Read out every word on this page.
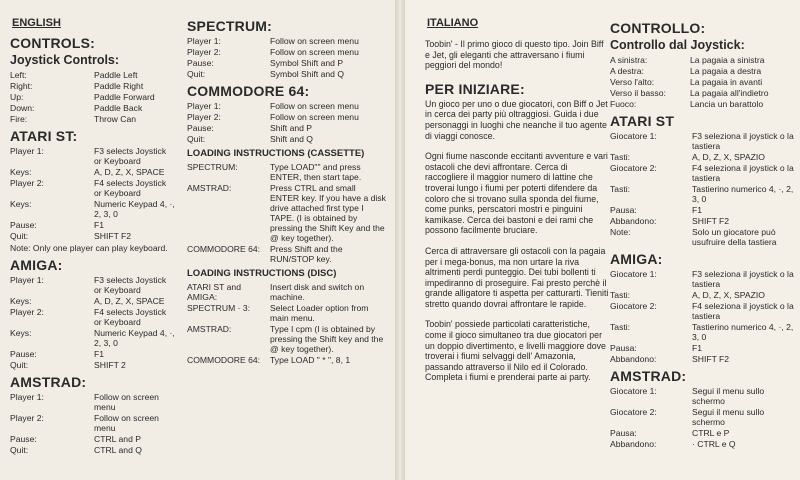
ENGLISH
CONTROLS:
Joystick Controls:
Left:	Paddle Left
Right:	Paddle Right
Up:	Paddle Forward
Down:	Paddle Back
Fire:	Throw Can
ATARI ST:
Player 1:	F3 selects Joystick or Keyboard
Keys:	A, D, Z, X, SPACE
Player 2:	F4 selects Joystick or Keyboard
Keys:	Numeric Keypad 4, ·, 2, 3, 0
Pause:	F1
Quit:	SHIFT F2
Note: Only one player can play keyboard.
AMIGA:
Player 1:	F3 selects Joystick or Keyboard
Keys:	A, D, Z, X, SPACE
Player 2:	F4 selects Joystick or Keyboard
Keys:	Numeric Keypad 4, ·, 2, 3, 0
Pause:	F1
Quit:	SHIFT 2
AMSTRAD:
Player 1:	Follow on screen menu
Player 2:	Follow on screen menu
Pause:	CTRL and P
Quit:	CTRL and Q
SPECTRUM:
Player 1:	Follow on screen menu
Player 2:	Follow on screen menu
Pause:	Symbol Shift and P
Quit:	Symbol Shift and Q
COMMODORE 64:
Player 1:	Follow on screen menu
Player 2:	Follow on screen menu
Pause:	Shift and P
Quit:	Shift and Q
LOADING INSTRUCTIONS (CASSETTE)
SPECTRUM:	Type LOAD"" and press ENTER, then start tape.
AMSTRAD:	Press CTRL and small ENTER key. If you have a disk drive attached first type I TAPE. (I is obtained by pressing the Shift Key and the @ key together).
COMMODORE 64:	Press Shift and the RUN/STOP key.
LOADING INSTRUCTIONS (DISC)
ATARI ST and AMIGA:
Insert disk and switch on machine.
SPECTRUM · 3:	Select Loader option from main menu.
AMSTRAD:	Type I cpm (I is obtained by pressing the Shift key and the @ key together).
COMMODORE 64:	Type LOAD " * ", 8, 1
ITALIANO
Toobin' - Il primo gioco di questo tipo. Join Biff e Jet, gli eleganti che attraversano i fiumi peggiori del mondo!
PER INIZIARE:
Un gioco per uno o due giocatori, con Biff o Jet in cerca dei party più oltraggiosi. Guida i due personaggi in luoghi che neanche il tuo agente di viaggi conosce.
Ogni fiume nasconde eccitanti avventure e vari ostacoli che devi affrontare. Cerca di raccogliere il maggior numero di lattine che troverai lungo i fiumi per poterti difendere da coloro che si trovano sulla sponda del fiume, come punks, perscatori mostri e pinguini kamikase. Cerca dei bastoni e dei rami che possono facilmente bruciare.
Cerca di attraversare gli ostacoli con la pagaia per i mega-bonus, ma non urtare la riva altrimenti perdi punteggio. Dei tubi bollenti ti impediranno di proseguire. Fai presto perchè il grande alligatore ti aspetta per catturarti. Tieniti stretto quando dovrai affrontare le rapide.
Toobin' possiede particolati caratteristiche, come il gioco simultaneo tra due giocatori per un doppio divertimento, e livelli maggiore dove troverai i fiumi selvaggi dell' Amazonia, passando attraverso il Nilo ed il Colorado. Completa i fiumi e prenderai parte ai party.
CONTROLLO:
Controllo dal Joystick:
A sinistra:	La pagaia a sinistra
A destra:	La pagaia a destra
Verso l'alto:	La pagaia in avanti
Verso il basso:	La pagaia all'indietro
Fuoco:	Lancia un barattolo
ATARI ST
Giocatore 1:	F3 seleziona il joystick o la tastiera
Tasti:	A, D, Z, X, SPAZIO
Giocatore 2:	F4 seleziona il joystick o la tastiera
Tasti:	Tastierino numerico 4, ·, 2, 3, 0
Pausa:	F1
Abbandono:	SHIFT F2
Note:	Solo un giocatore può usufruire della tastiera
AMIGA:
Giocatore 1:	F3 seleziona il joystick o la tastiera
Tasti:	A, D, Z, X, SPAZIO
Giocatore 2:	F4 seleziona il joystick o la tastiera
Tasti:	Tastierino numerico 4, ·, 2, 3, 0
Pausa:	F1
Abbandono:	SHIFT F2
AMSTRAD:
Giocatore 1:	Segui il menu sullo schermo
Giocatore 2:	Segui il menu sullo schermo
Pausa:	CTRL e P
Abbandono:	· CTRL e Q
